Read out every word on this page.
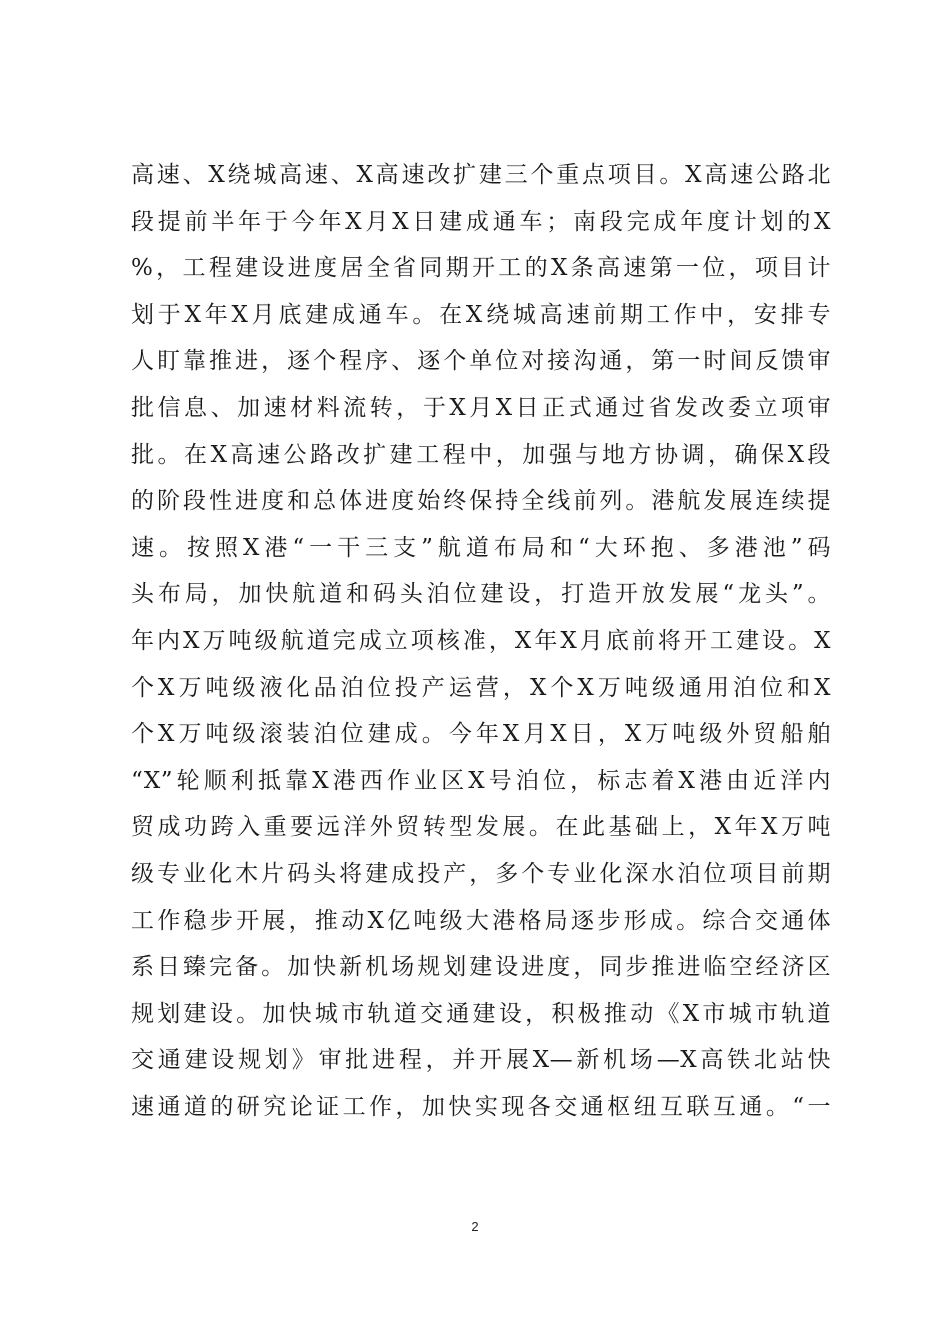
高速、X绕城高速、X高速改扩建三个重点项目。X高速公路北
段提前半年于今年X月X日建成通车；南段完成年度计划的X
%，工程建设进度居全省同期开工的X条高速第一位，项目计
划于X年X月底建成通车。在X绕城高速前期工作中，安排专
人盯靠推进，逐个程序、逐个单位对接沟通，第一时间反馈审
批信息、加速材料流转，于X月X日正式通过省发改委立项审
批。在X高速公路改扩建工程中，加强与地方协调，确保X段
的阶段性进度和总体进度始终保持全线前列。港航发展连续提
速。按照X港“一干三支”航道布局和“大环抱、多港池”码
头布局，加快航道和码头泊位建设，打造开放发展“龙头”。
年内X万吨级航道完成立项核准，X年X月底前将开工建设。X
个X万吨级液化品泊位投产运营，X个X万吨级通用泊位和X
个X万吨级滚装泊位建成。今年X月X日，X万吨级外贸船舶
“X”轮顺利抵靠X港西作业区X号泊位，标志着X港由近洋内
贸成功跨入重要远洋外贸转型发展。在此基础上，X年X万吨
级专业化木片码头将建成投产，多个专业化深水泊位项目前期
工作稳步开展，推动X亿吨级大港格局逐步形成。综合交通体
系日臻完备。加快新机场规划建设进度，同步推进临空经济区
规划建设。加快城市轨道交通建设，积极推动《X市城市轨道
交通建设规划》审批进程，并开展X—新机场—X高铁北站快
速通道的研究论证工作，加快实现各交通枢纽互联互通。“一
2
